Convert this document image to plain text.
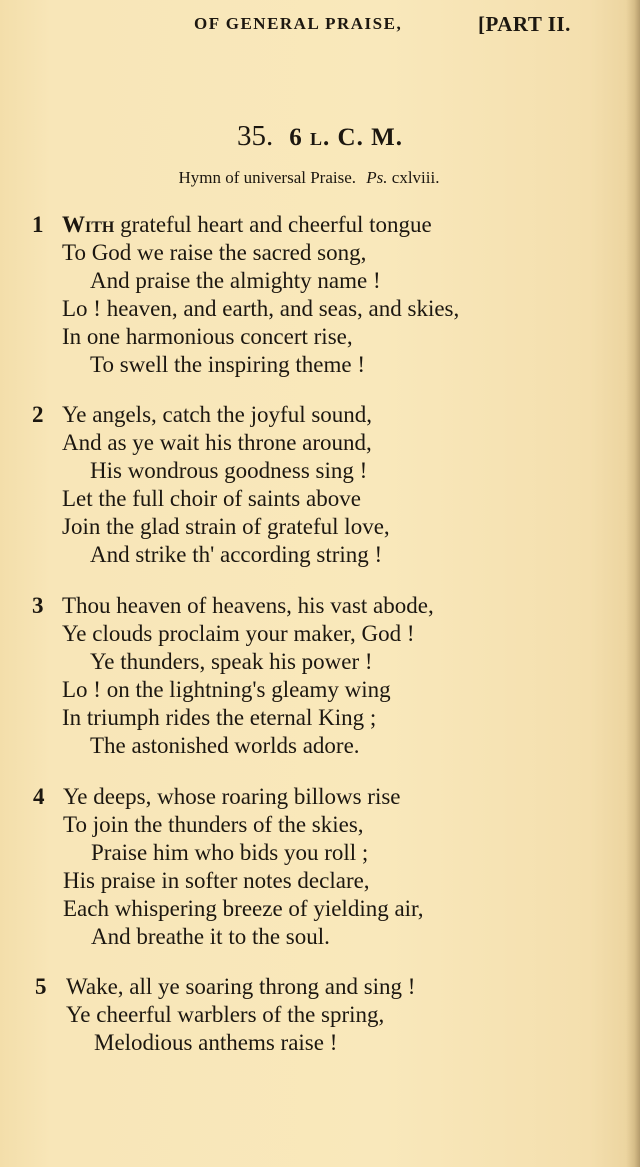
OF GENERAL PRAISE,	[PART II.
35. 6 l. C. M.
Hymn of universal Praise. Ps. cxlviii.
1 With grateful heart and cheerful tongue
To God we raise the sacred song,
And praise the almighty name !
Lo ! heaven, and earth, and seas, and skies,
In one harmonious concert rise,
To swell the inspiring theme !
2 Ye angels, catch the joyful sound,
And as ye wait his throne around,
His wondrous goodness sing !
Let the full choir of saints above
Join the glad strain of grateful love,
And strike th' according string !
3 Thou heaven of heavens, his vast abode,
Ye clouds proclaim your maker, God !
Ye thunders, speak his power !
Lo ! on the lightning's gleamy wing
In triumph rides the eternal King ;
The astonished worlds adore.
4 Ye deeps, whose roaring billows rise
To join the thunders of the skies,
Praise him who bids you roll ;
His praise in softer notes declare,
Each whispering breeze of yielding air,
And breathe it to the soul.
5 Wake, all ye soaring throng and sing !
Ye cheerful warblers of the spring,
Melodious anthems raise !
